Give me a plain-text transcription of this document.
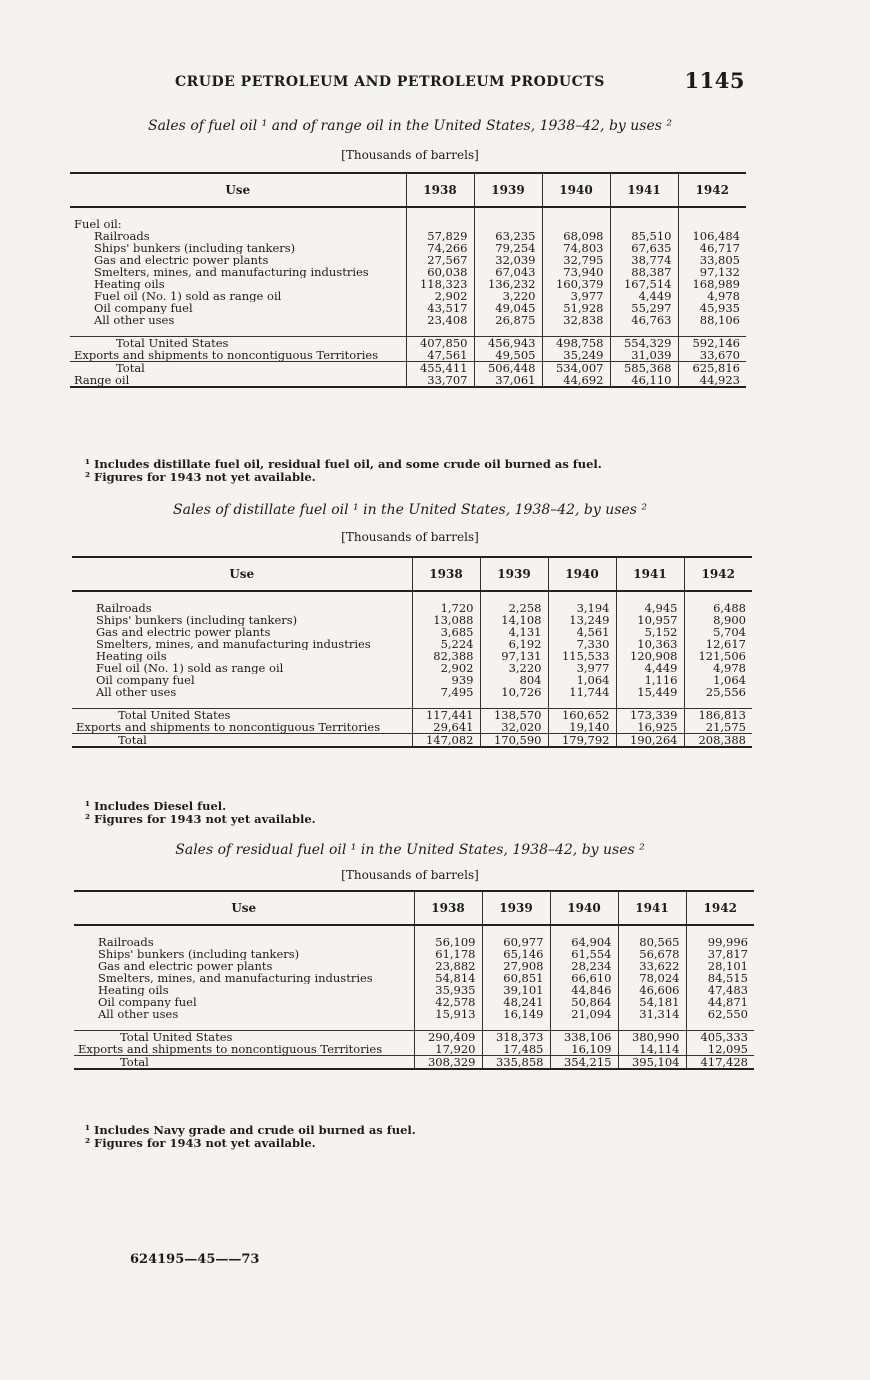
CRUDE PETROLEUM AND PETROLEUM PRODUCTS	1145
Sales of fuel oil ¹ and of range oil in the United States, 1938–42, by uses ²
[Thousands of barrels]
Use	1938	1939	1940	1941	1942

Fuel oil:					
Railroads	57,829	63,235	68,098	85,510	106,484
Ships' bunkers (including tankers)	74,266	79,254	74,803	67,635	46,717
Gas and electric power plants	27,567	32,039	32,795	38,774	33,805
Smelters, mines, and manufacturing industries	60,038	67,043	73,940	88,387	97,132
Heating oils	118,323	136,232	160,379	167,514	168,989
Fuel oil (No. 1) sold as range oil	2,902	3,220	3,977	4,449	4,978
Oil company fuel	43,517	49,045	51,928	55,297	45,935
All other uses	23,408	26,875	32,838	46,763	88,106

Total United States	407,850	456,943	498,758	554,329	592,146
Exports and shipments to noncontiguous Territories	47,561	49,505	35,249	31,039	33,670
Total	455,411	506,448	534,007	585,368	625,816
Range oil	33,707	37,061	44,692	46,110	44,923
¹ Includes distillate fuel oil, residual fuel oil, and some crude oil burned as fuel.
² Figures for 1943 not yet available.
Sales of distillate fuel oil ¹ in the United States, 1938–42, by uses ²
[Thousands of barrels]
Use	1938	1939	1940	1941	1942

Railroads	1,720	2,258	3,194	4,945	6,488
Ships' bunkers (including tankers)	13,088	14,108	13,249	10,957	8,900
Gas and electric power plants	3,685	4,131	4,561	5,152	5,704
Smelters, mines, and manufacturing industries	5,224	6,192	7,330	10,363	12,617
Heating oils	82,388	97,131	115,533	120,908	121,506
Fuel oil (No. 1) sold as range oil	2,902	3,220	3,977	4,449	4,978
Oil company fuel	939	804	1,064	1,116	1,064
All other uses	7,495	10,726	11,744	15,449	25,556

Total United States	117,441	138,570	160,652	173,339	186,813
Exports and shipments to noncontiguous Territories	29,641	32,020	19,140	16,925	21,575
Total	147,082	170,590	179,792	190,264	208,388
¹ Includes Diesel fuel.
² Figures for 1943 not yet available.
Sales of residual fuel oil ¹ in the United States, 1938–42, by uses ²
[Thousands of barrels]
Use	1938	1939	1940	1941	1942

Railroads	56,109	60,977	64,904	80,565	99,996
Ships' bunkers (including tankers)	61,178	65,146	61,554	56,678	37,817
Gas and electric power plants	23,882	27,908	28,234	33,622	28,101
Smelters, mines, and manufacturing industries	54,814	60,851	66,610	78,024	84,515
Heating oils	35,935	39,101	44,846	46,606	47,483
Oil company fuel	42,578	48,241	50,864	54,181	44,871
All other uses	15,913	16,149	21,094	31,314	62,550

Total United States	290,409	318,373	338,106	380,990	405,333
Exports and shipments to noncontiguous Territories	17,920	17,485	16,109	14,114	12,095
Total	308,329	335,858	354,215	395,104	417,428
¹ Includes Navy grade and crude oil burned as fuel.
² Figures for 1943 not yet available.
624195—45——73
